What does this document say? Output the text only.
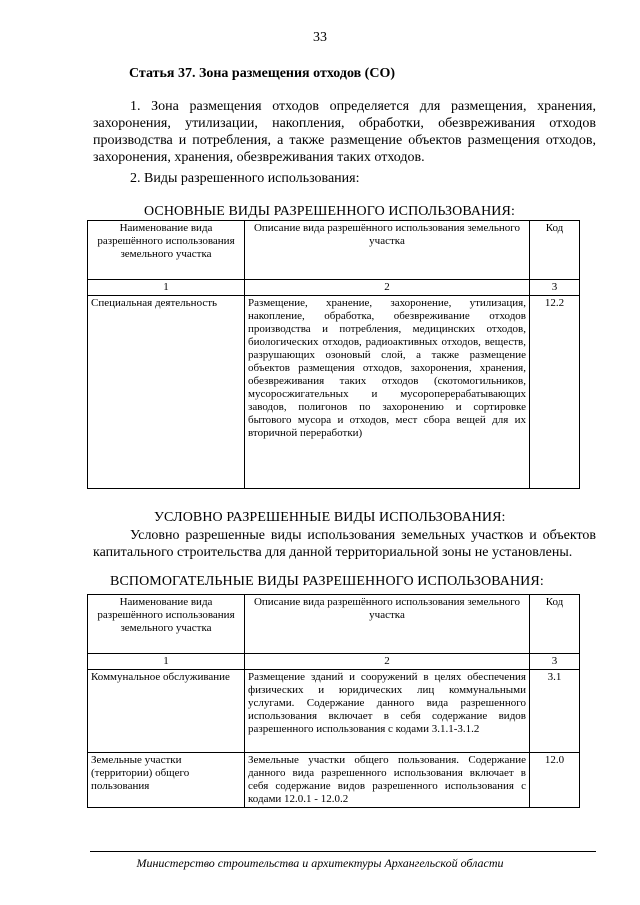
33
Статья 37. Зона размещения отходов (СО)
1. Зона размещения отходов определяется для размещения, хранения, захоронения, утилизации, накопления, обработки, обезвреживания отходов производства и потребления, а также размещение объектов размещения отходов, захоронения, хранения, обезвреживания таких отходов.
2. Виды разрешенного использования:
ОСНОВНЫЕ ВИДЫ РАЗРЕШЕННОГО ИСПОЛЬЗОВАНИЯ:
Наименование вида разрешённого использования земельного участка	Описание вида разрешённого использования земельного участка	Код
1	2	3
Специальная деятельность	Размещение, хранение, захоронение, утилизация, накопление, обработка, обезвреживание отходов производства и потребления, медицинских отходов, биологических отходов, радиоактивных отходов, веществ, разрушающих озоновый слой, а также размещение объектов размещения отходов, захоронения, хранения, обезвреживания таких отходов (скотомогильников, мусоросжигательных и мусороперерабатывающих заводов, полигонов по захоронению и сортировке бытового мусора и отходов, мест сбора вещей для их вторичной переработки)	12.2
УСЛОВНО РАЗРЕШЕННЫЕ ВИДЫ ИСПОЛЬЗОВАНИЯ:
Условно разрешенные виды использования земельных участков и объектов капитального строительства для данной территориальной зоны не установлены.
ВСПОМОГАТЕЛЬНЫЕ ВИДЫ РАЗРЕШЕННОГО ИСПОЛЬЗОВАНИЯ:
Наименование вида разрешённого использования земельного участка	Описание вида разрешённого использования земельного участка	Код
1	2	3
Коммунальное обслуживание	Размещение зданий и сооружений в целях обеспечения физических и юридических лиц коммунальными услугами. Содержание данного вида разрешенного использования включает в себя содержание видов разрешенного использования с кодами 3.1.1-3.1.2	3.1
Земельные участки (территории) общего пользования	Земельные участки общего пользования. Содержание данного вида разрешенного использования включает в себя содержание видов разрешенного использования с кодами 12.0.1 - 12.0.2	12.0
Министерство строительства и архитектуры Архангельской области
